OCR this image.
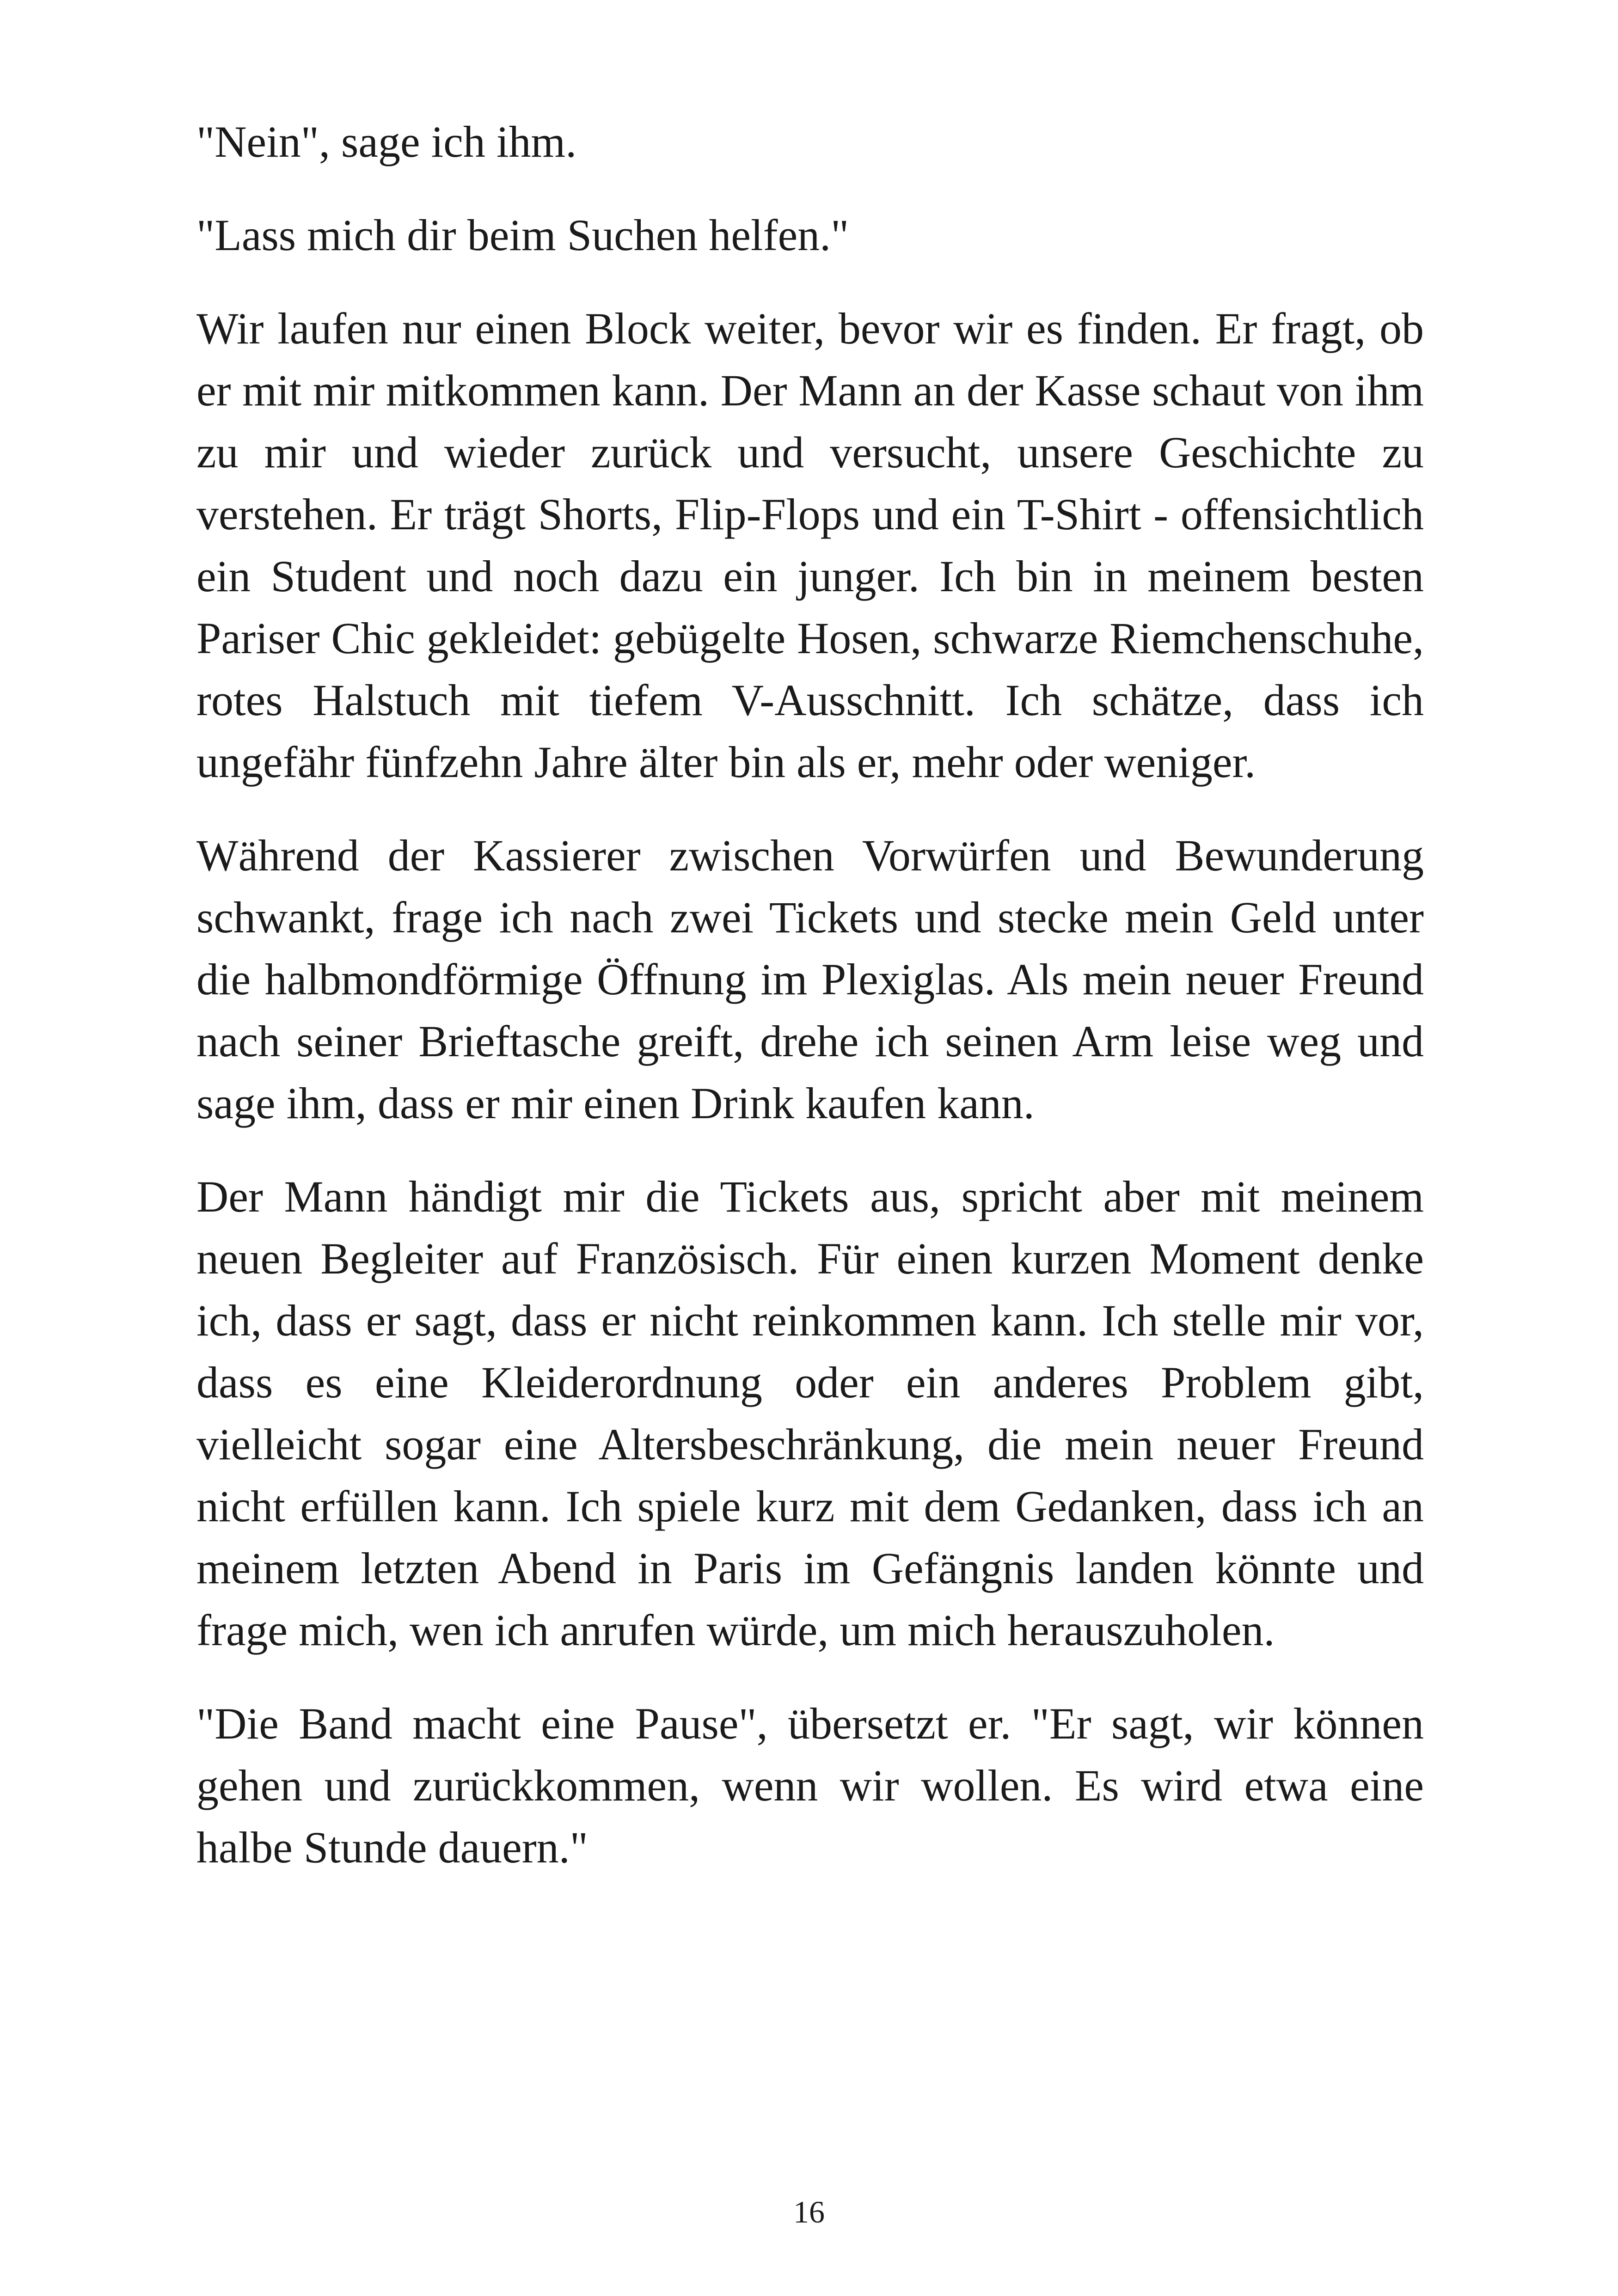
"Nein", sage ich ihm.

"Lass mich dir beim Suchen helfen."

Wir laufen nur einen Block weiter, bevor wir es finden. Er fragt, ob er mit mir mitkommen kann. Der Mann an der Kasse schaut von ihm zu mir und wieder zurück und versucht, unsere Geschichte zu verstehen. Er trägt Shorts, Flip-Flops und ein T-Shirt - offensichtlich ein Student und noch dazu ein junger. Ich bin in meinem besten Pariser Chic gekleidet: gebügelte Hosen, schwarze Riemchenschuhe, rotes Halstuch mit tiefem V-Ausschnitt. Ich schätze, dass ich ungefähr fünfzehn Jahre älter bin als er, mehr oder weniger.

Während der Kassierer zwischen Vorwürfen und Bewunderung schwankt, frage ich nach zwei Tickets und stecke mein Geld unter die halbmondförmige Öffnung im Plexiglas. Als mein neuer Freund nach seiner Brieftasche greift, drehe ich seinen Arm leise weg und sage ihm, dass er mir einen Drink kaufen kann.

Der Mann händigt mir die Tickets aus, spricht aber mit meinem neuen Begleiter auf Französisch. Für einen kurzen Moment denke ich, dass er sagt, dass er nicht reinkommen kann. Ich stelle mir vor, dass es eine Kleiderordnung oder ein anderes Problem gibt, vielleicht sogar eine Altersbeschränkung, die mein neuer Freund nicht erfüllen kann. Ich spiele kurz mit dem Gedanken, dass ich an meinem letzten Abend in Paris im Gefängnis landen könnte und frage mich, wen ich anrufen würde, um mich herauszuholen.

"Die Band macht eine Pause", übersetzt er. "Er sagt, wir können gehen und zurückkommen, wenn wir wollen. Es wird etwa eine halbe Stunde dauern."

16
